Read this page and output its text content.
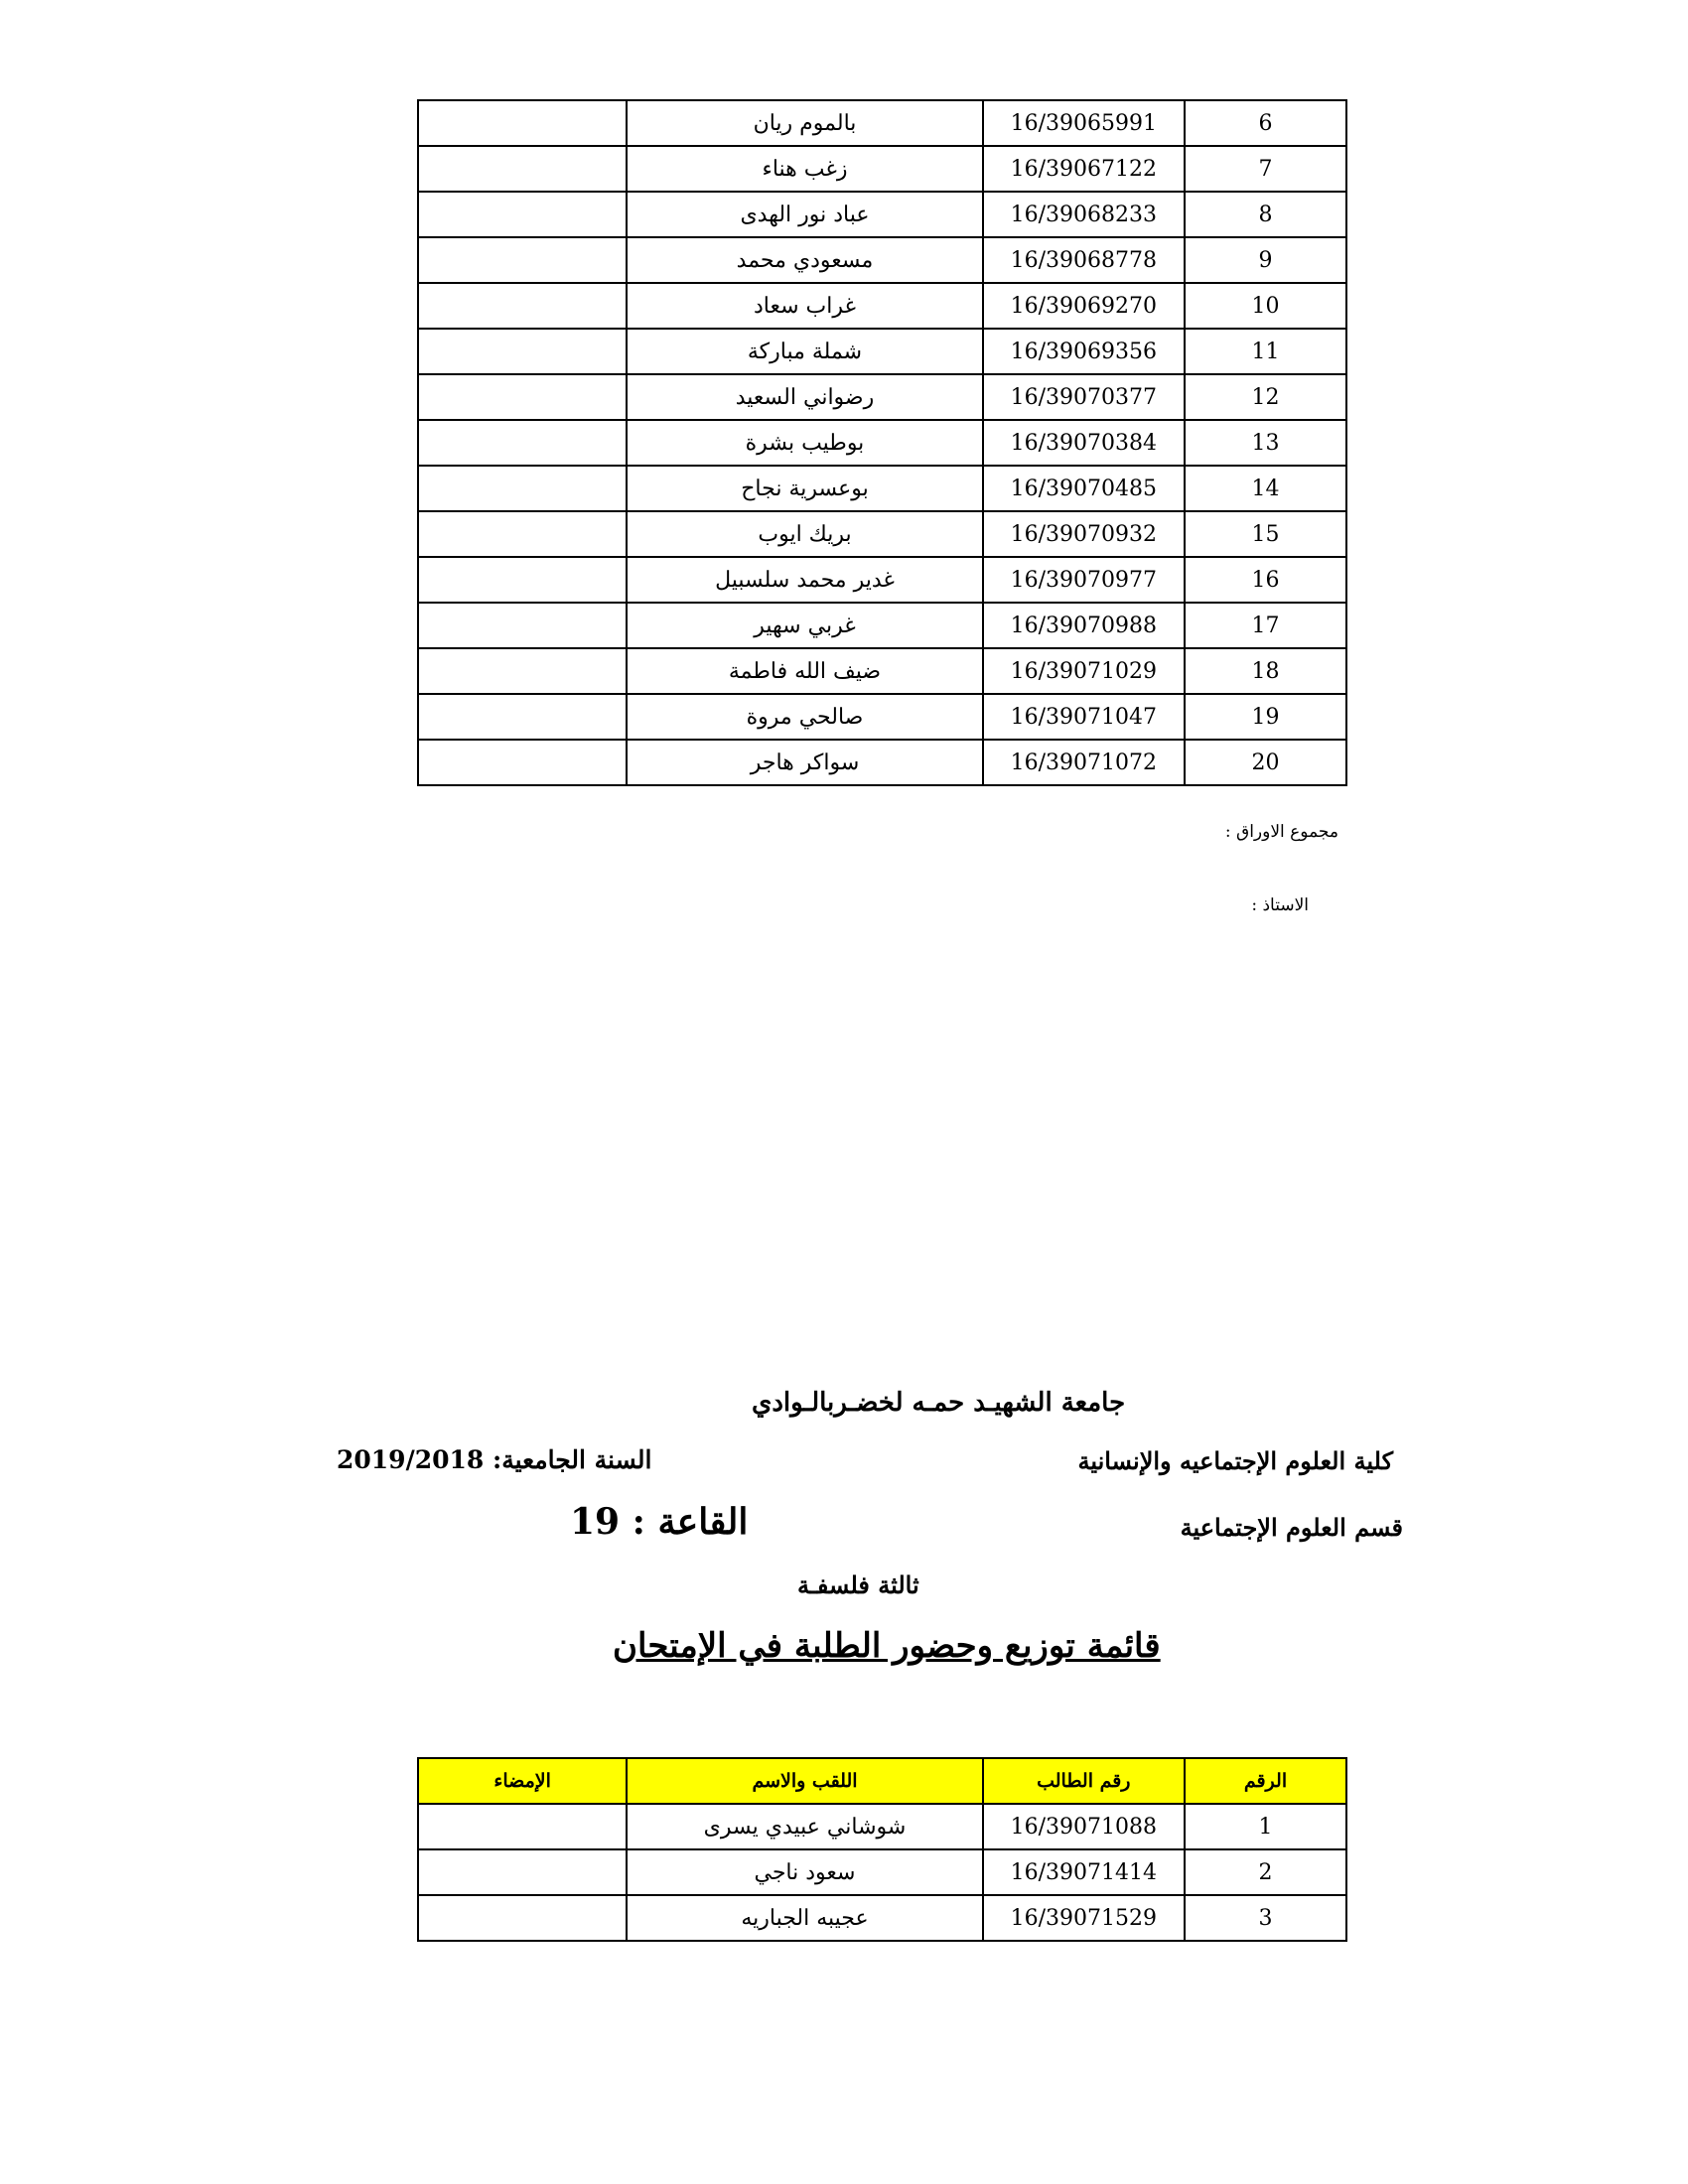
	بالموم ريان	16/39065991	6
	زغب هناء	16/39067122	7
	عباد نور الهدى	16/39068233	8
	مسعودي محمد	16/39068778	9
	غراب سعاد	16/39069270	10
	شملة مباركة	16/39069356	11
	رضواني السعيد	16/39070377	12
	بوطيب بشرة	16/39070384	13
	بوعسرية نجاح	16/39070485	14
	بريك ايوب	16/39070932	15
	غدير محمد سلسبيل	16/39070977	16
	غربي سهير	16/39070988	17
	ضيف الله فاطمة	16/39071029	18
	صالحي مروة	16/39071047	19
	سواكر هاجر	16/39071072	20
مجموع الاوراق :
الاستاذ :
جامعة الشهيـد حمـه لخضـربالـوادي
كلية العلوم الإجتماعيه والإنسانية
السنة الجامعية: 2019/2018
قسم العلوم الإجتماعية
القاعة : 19
ثالثة فلسفـة
قائمة توزيع وحضور الطلبة في الإمتحان
الإمضاء	اللقب والاسم	رقم الطالب	الرقم
	شوشاني عبيدي يسرى	16/39071088	1
	سعود ناجي	16/39071414	2
	عجيبه الجباريه	16/39071529	3
